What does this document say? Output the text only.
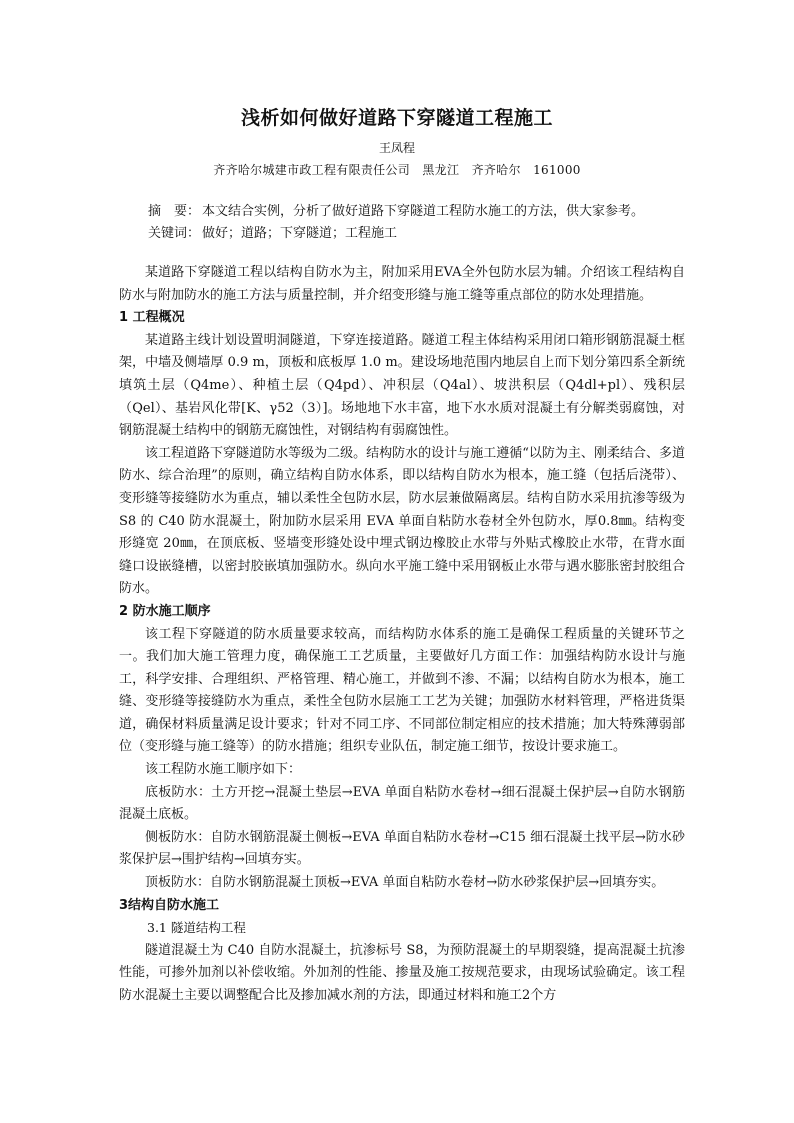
浅析如何做好道路下穿隧道工程施工
王凤程
齐齐哈尔城建市政工程有限责任公司　黑龙江　齐齐哈尔　161000
摘　要： 本文结合实例，分析了做好道路下穿隧道工程防水施工的方法，供大家参考。
关键词： 做好；道路；下穿隧道；工程施工

某道路下穿隧道工程以结构自防水为主，附加采用EVA全外包防水层为辅。介绍该工程结构自防水与附加防水的施工方法与质量控制，并介绍变形缝与施工缝等重点部位的防水处理措施。

1 工程概况

某道路主线计划设置明洞隧道，下穿连接道路。隧道工程主体结构采用闭口箱形钢筋混凝土框架，中墙及侧墙厚 0.9 m，顶板和底板厚 1.0 m。建设场地范围内地层自上而下划分第四系全新统填筑土层（Q4me）、种植土层（Q4pd）、冲积层（Q4al）、坡洪积层（Q4dl+pl）、残积层（Qel）、基岩风化带[K、γ52（3）]。场地地下水丰富，地下水水质对混凝土有分解类弱腐蚀，对钢筋混凝土结构中的钢筋无腐蚀性，对钢结构有弱腐蚀性。

该工程道路下穿隧道防水等级为二级。结构防水的设计与施工遵循“以防为主、刚柔结合、多道防水、综合治理”的原则，确立结构自防水体系，即以结构自防水为根本，施工缝（包括后浇带）、变形缝等接缝防水为重点，辅以柔性全包防水层，防水层兼做隔离层。结构自防水采用抗渗等级为 S8 的 C40 防水混凝土，附加防水层采用 EVA 单面自粘防水卷材全外包防水，厚0.8㎜。结构变形缝宽 20㎜，在顶底板、竖墙变形缝处设中埋式钢边橡胶止水带与外贴式橡胶止水带，在背水面缝口设嵌缝槽，以密封胶嵌填加强防水。纵向水平施工缝中采用钢板止水带与遇水膨胀密封胶组合防水。

2 防水施工顺序

该工程下穿隧道的防水质量要求较高，而结构防水体系的施工是确保工程质量的关键环节之一。我们加大施工管理力度，确保施工工艺质量，主要做好几方面工作：加强结构防水设计与施工，科学安排、合理组织、严格管理、精心施工，并做到不渗、不漏；以结构自防水为根本，施工缝、变形缝等接缝防水为重点，柔性全包防水层施工工艺为关键；加强防水材料管理，严格进货渠道，确保材料质量满足设计要求；针对不同工序、不同部位制定相应的技术措施；加大特殊薄弱部位（变形缝与施工缝等）的防水措施；组织专业队伍，制定施工细节，按设计要求施工。

该工程防水施工顺序如下：

底板防水：土方开挖→混凝土垫层→EVA 单面自粘防水卷材→细石混凝土保护层→自防水钢筋混凝土底板。

侧板防水：自防水钢筋混凝土侧板→EVA 单面自粘防水卷材→C15 细石混凝土找平层→防水砂浆保护层→围护结构→回填夯实。

顶板防水：自防水钢筋混凝土顶板→EVA 单面自粘防水卷材→防水砂浆保护层→回填夯实。

3结构自防水施工
3.1 隧道结构工程

隧道混凝土为 C40 自防水混凝土，抗渗标号 S8，为预防混凝土的早期裂缝，提高混凝土抗渗性能，可掺外加剂以补偿收缩。外加剂的性能、掺量及施工按规范要求，由现场试验确定。该工程防水混凝土主要以调整配合比及掺加减水剂的方法，即通过材料和施工2个方
